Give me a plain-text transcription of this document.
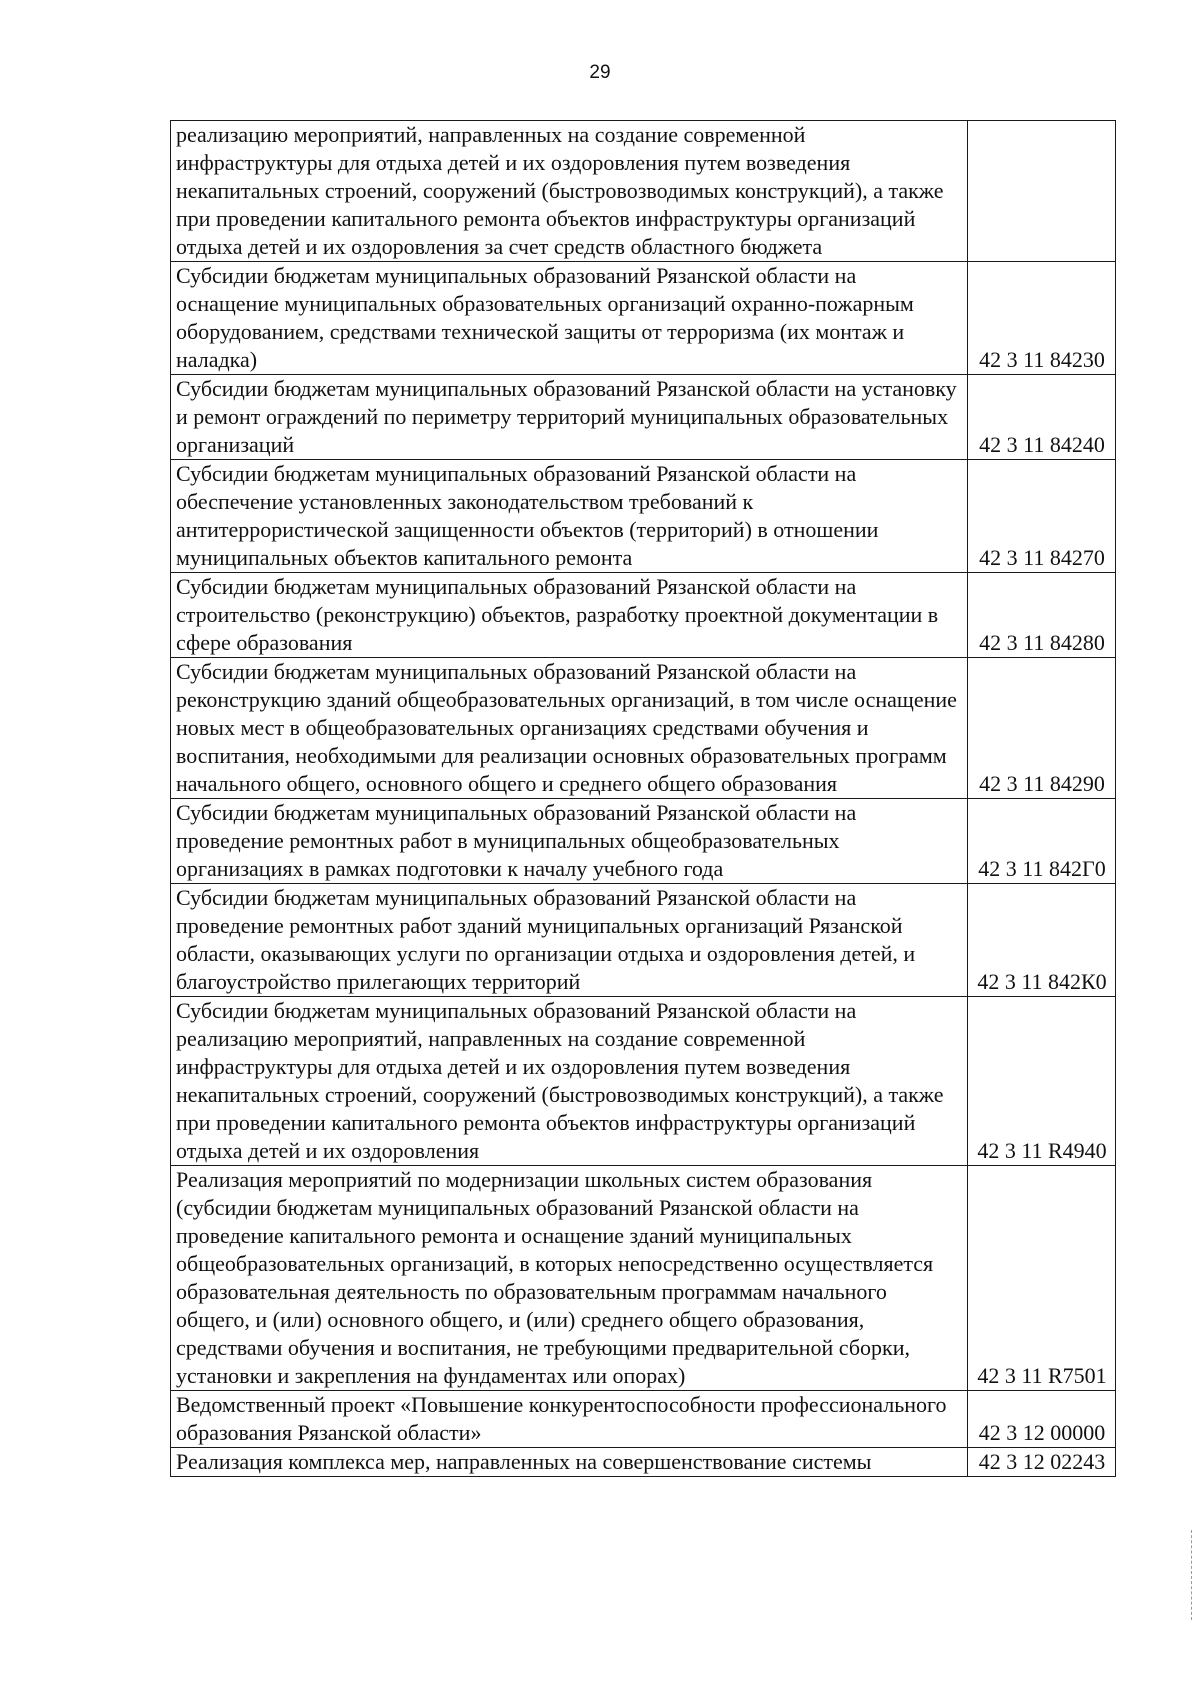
29
реализацию мероприятий, направленных на создание современной инфраструктуры для отдыха детей и их оздоровления путем возведения некапитальных строений, сооружений (быстровозводимых конструкций), а также при проведении капитального ремонта объектов инфраструктуры организаций отдыха детей и их оздоровления за счет средств областного бюджета	
Субсидии бюджетам муниципальных образований Рязанской области на оснащение муниципальных образовательных организаций охранно-пожарным оборудованием, средствами технической защиты от терроризма (их монтаж и наладка)	42 3 11 84230
Субсидии бюджетам муниципальных образований Рязанской области на установку и ремонт ограждений по периметру территорий муниципальных образовательных организаций	42 3 11 84240
Субсидии бюджетам муниципальных образований Рязанской области на обеспечение установленных законодательством требований к антитеррористической защищенности объектов (территорий) в отношении муниципальных объектов капитального ремонта	42 3 11 84270
Субсидии бюджетам муниципальных образований Рязанской области на строительство (реконструкцию) объектов, разработку проектной документации в сфере образования	42 3 11 84280
Субсидии бюджетам муниципальных образований Рязанской области на реконструкцию зданий общеобразовательных организаций, в том числе оснащение новых мест в общеобразовательных организациях средствами обучения и воспитания, необходимыми для реализации основных образовательных программ начального общего, основного общего и среднего общего образования	42 3 11 84290
Субсидии бюджетам муниципальных образований Рязанской области на проведение ремонтных работ в муниципальных общеобразовательных организациях в рамках подготовки к началу учебного года	42 3 11 842Г0
Субсидии бюджетам муниципальных образований Рязанской области на проведение ремонтных работ зданий муниципальных организаций Рязанской области, оказывающих услуги по организации отдыха и оздоровления детей, и благоустройство прилегающих территорий	42 3 11 842К0
Субсидии бюджетам муниципальных образований Рязанской области на реализацию мероприятий, направленных на создание современной инфраструктуры для отдыха детей и их оздоровления путем возведения некапитальных строений, сооружений (быстровозводимых конструкций), а также при проведении капитального ремонта объектов инфраструктуры организаций отдыха детей и их оздоровления	42 3 11 R4940
Реализация мероприятий по модернизации школьных систем образования (субсидии бюджетам муниципальных образований Рязанской области на проведение капитального ремонта и оснащение зданий муниципальных общеобразовательных организаций, в которых непосредственно осуществляется образовательная деятельность по образовательным программам начального общего, и (или) основного общего, и (или) среднего общего образования, средствами обучения и воспитания, не требующими предварительной сборки, установки и закрепления на фундаментах или опорах)	42 3 11 R7501
Ведомственный проект «Повышение конкурентоспособности профессионального образования Рязанской области»	42 3 12 00000
Реализация комплекса мер, направленных на совершенствование системы	42 3 12 02243
